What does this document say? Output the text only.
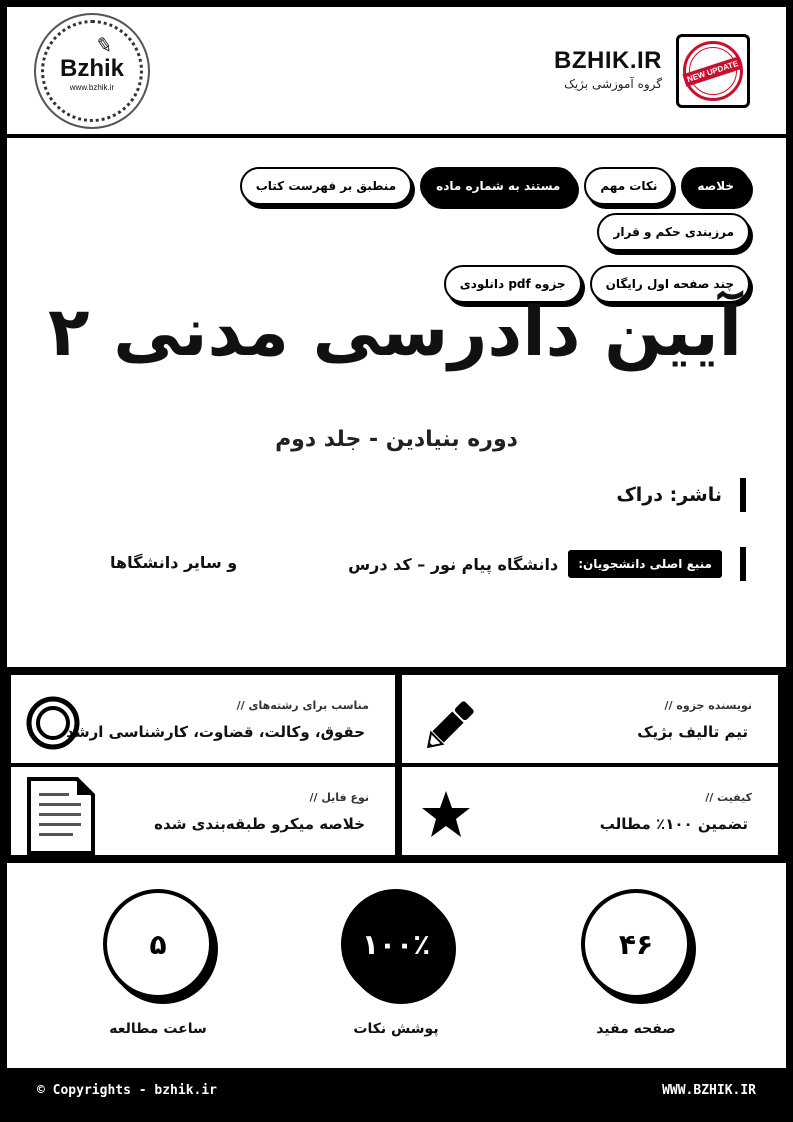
✎
Bzhik
www.bzhik.ir
BZHIK.IR
گروه آموزشی بژیک
NEW UPDATE
خلاصه
نکات مهم
مستند به شماره ماده
منطبق بر فهرست کتاب
مرزبندی حکم و قرار
چند صفحه اول رایگان
جزوه pdf دانلودی
آیین دادرسی مدنی ۲
دوره بنیادین - جلد دوم
ناشر: دراک
منبع اصلی دانشجویان:
دانشگاه پیام نور – کد درس
و سایر دانشگاها
نویسنده جزوه //
تیم تالیف بژیک
مناسب برای رشته‌های //
حقوق، وکالت، قضاوت، کارشناسی ارشد
کیفیت //
تضمین ۱۰۰٪ مطالب
نوع فایل //
خلاصه میکرو طبقه‌بندی شده
۴۶
صفحه مفید
۱۰۰٪
پوشش نکات
۵
ساعت مطالعه
© Copyrights - bzhik.ir	WWW.BZHIK.IR
